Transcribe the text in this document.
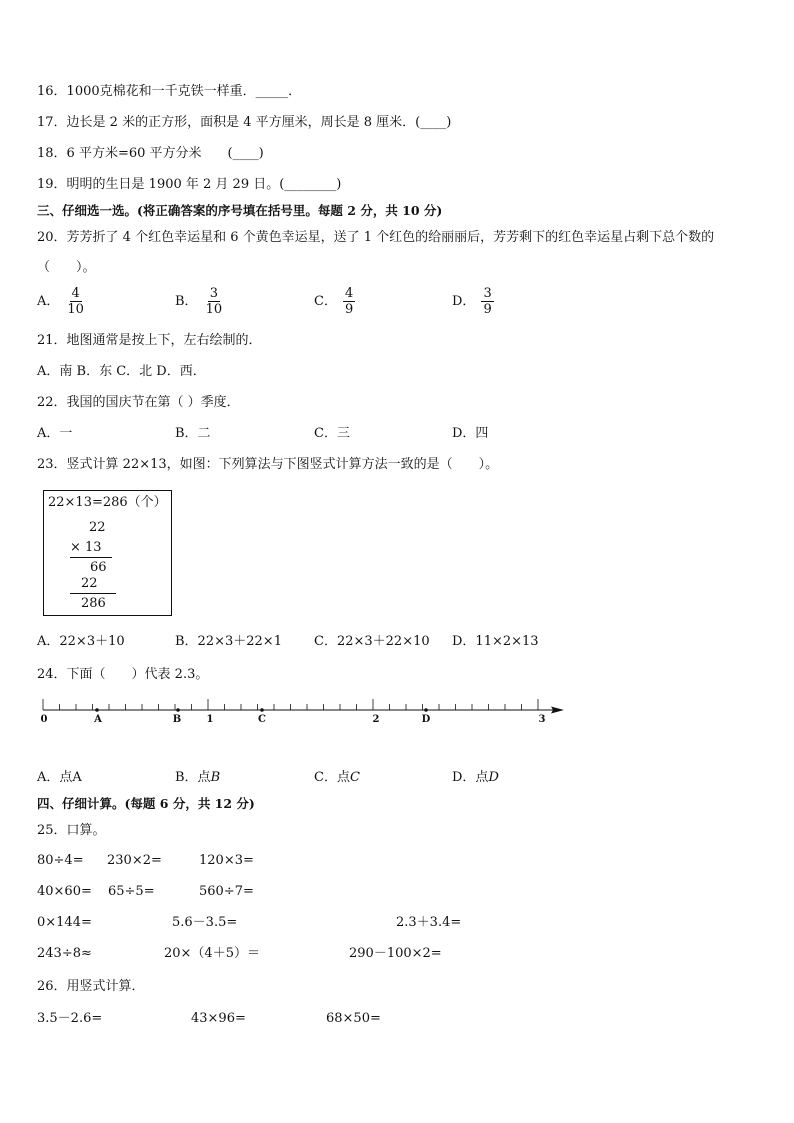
16．1000克棉花和一千克铁一样重．_____．
17．边长是 2 米的正方形，面积是 4 平方厘米，周长是 8 厘米．(____)
18．6 平方米=60 平方分米　　(____)
19．明明的生日是 1900 年 2 月 29 日。(________)
三、仔细选一选。(将正确答案的序号填在括号里。每题 2 分，共 10 分)
20．芳芳折了 4 个红色幸运星和 6 个黄色幸运星，送了 1 个红色的给丽丽后，芳芳剩下的红色幸运星占剩下总个数的
（　　）。
A． $\frac{4}{10}$	B． $\frac{3}{10}$	C． $\frac{4}{9}$	D． $\frac{3}{9}$
21．地图通常是按上下，左右绘制的．
A．南 B．东 C．北 D．西．
22．我国的国庆节在第（ ）季度．
A．一	B．二	C．三	D．四
23．竖式计算 22×13，如图：下列算法与下图竖式计算方法一致的是（　　）。
22×13=286（个）
22
× 13
66
22
286
A．22×3＋10	B．22×3＋22×1 C．22×3＋22×10 D．11×2×13
24．下面（　　）代表 2.3。
0	A	B	1	C	2	D	3
A．点A	B．点B	C．点C	D．点D
四、仔细计算。(每题 6 分，共 12 分)
25．口算。
80÷4= 230×2=	120×3=
40×60= 65÷5=	560÷7=
0×144=	5.6－3.5=	2.3＋3.4=
243÷8≈	20×（4＋5）＝	290－100×2=
26．用竖式计算．
3.5－2.6=	43×96=	68×50=
